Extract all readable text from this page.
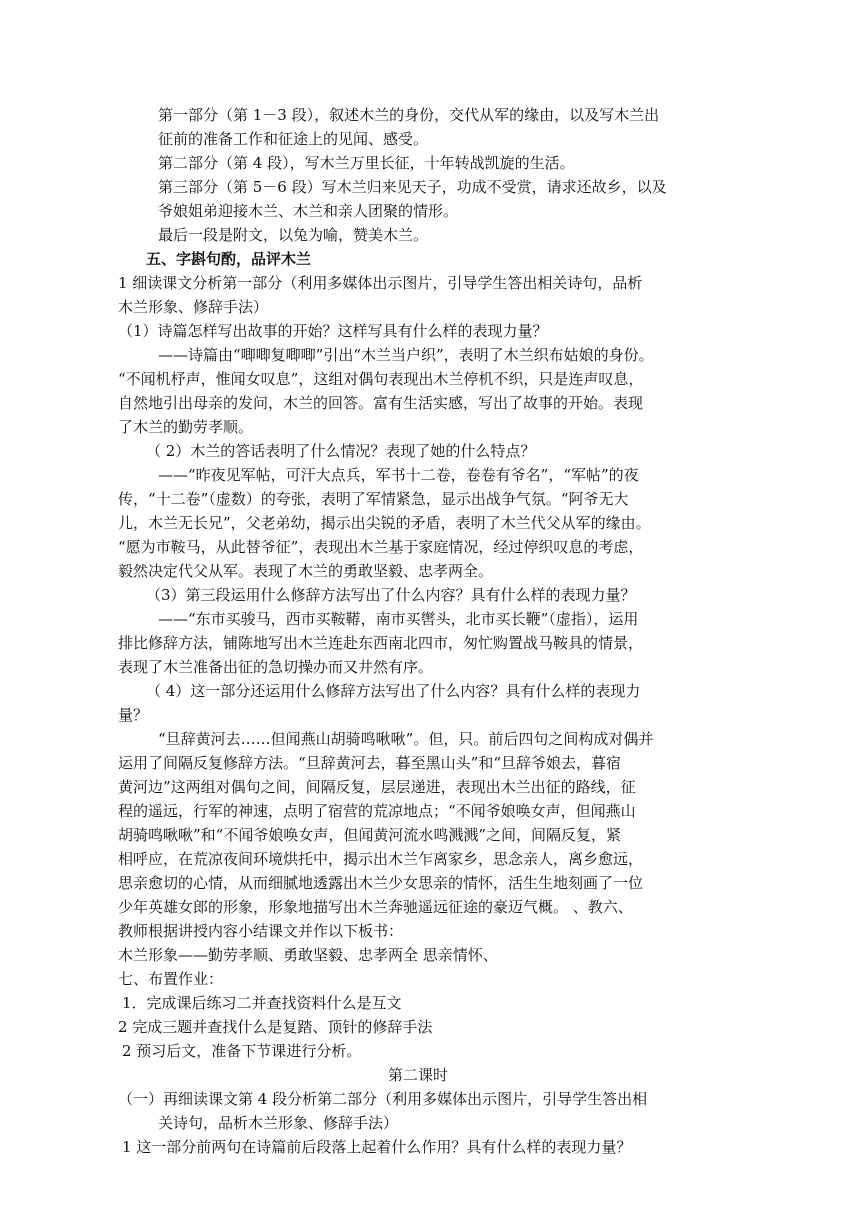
第一部分（第 1－3 段），叙述木兰的身份，交代从军的缘由，以及写木兰出
征前的准备工作和征途上的见闻、感受。
第二部分（第 4 段），写木兰万里长征，十年转战凯旋的生活。
第三部分（第 5－6 段）写木兰归来见天子，功成不受赏，请求还故乡，以及
爷娘姐弟迎接木兰、木兰和亲人团聚的情形。
最后一段是附文，以兔为喻，赞美木兰。
五、字斟句酌，品评木兰
1 细读课文分析第一部分（利用多媒体出示图片，引导学生答出相关诗句，品析
木兰形象、修辞手法）
（1）诗篇怎样写出故事的开始？这样写具有什么样的表现力量？
——诗篇由“唧唧复唧唧”引出“木兰当户织”，表明了木兰织布姑娘的身份。
“不闻机杼声，惟闻女叹息”，这组对偶句表现出木兰停机不织，只是连声叹息，
自然地引出母亲的发问，木兰的回答。富有生活实感，写出了故事的开始。表现
了木兰的勤劳孝顺。
（ 2）木兰的答话表明了什么情况？表现了她的什么特点？
——“昨夜见军帖，可汗大点兵，军书十二卷，卷卷有爷名”，“军帖”的夜
传，“十二卷”（虚数）的夸张，表明了军情紧急，显示出战争气氛。“阿爷无大
儿，木兰无长兄”，父老弟幼，揭示出尖锐的矛盾，表明了木兰代父从军的缘由。
“愿为市鞍马，从此替爷征”，表现出木兰基于家庭情况，经过停织叹息的考虑，
毅然决定代父从军。表现了木兰的勇敢坚毅、忠孝两全。
（3）第三段运用什么修辞方法写出了什么内容？具有什么样的表现力量？
——“东市买骏马，西市买鞍鞯，南市买辔头，北市买长鞭”（虚指），运用
排比修辞方法，铺陈地写出木兰连赴东西南北四市，匆忙购置战马鞍具的情景，
表现了木兰准备出征的急切操办而又井然有序。
（ 4）这一部分还运用什么修辞方法写出了什么内容？具有什么样的表现力
量？
“旦辞黄河去……但闻燕山胡骑鸣啾啾”。但，只。前后四句之间构成对偶并
运用了间隔反复修辞方法。“旦辞黄河去，暮至黑山头”和“旦辞爷娘去，暮宿
黄河边”这两组对偶句之间，间隔反复，层层递进，表现出木兰出征的路线，征
程的遥远，行军的神速，点明了宿营的荒凉地点；“不闻爷娘唤女声，但闻燕山
胡骑鸣啾啾”和“不闻爷娘唤女声，但闻黄河流水鸣溅溅”之间，间隔反复，紧
相呼应，在荒凉夜间环境烘托中，揭示出木兰乍离家乡，思念亲人，离乡愈远，
思亲愈切的心情，从而细腻地透露出木兰少女思亲的情怀，活生生地刻画了一位
少年英雄女郎的形象，形象地描写出木兰奔驰遥远征途的豪迈气概。 、教六、
教师根据讲授内容小结课文并作以下板书：
木兰形象——勤劳孝顺、勇敢坚毅、忠孝两全 思亲情怀、
七、布置作业：
1．完成课后练习二并查找资料什么是互文
2 完成三题并查找什么是复踏、顶针的修辞手法
2 预习后文，准备下节课进行分析。
第二课时
（一）再细读课文第 4 段分析第二部分（利用多媒体出示图片，引导学生答出相
关诗句，品析木兰形象、修辞手法）
1 这一部分前两句在诗篇前后段落上起着什么作用？具有什么样的表现力量？
